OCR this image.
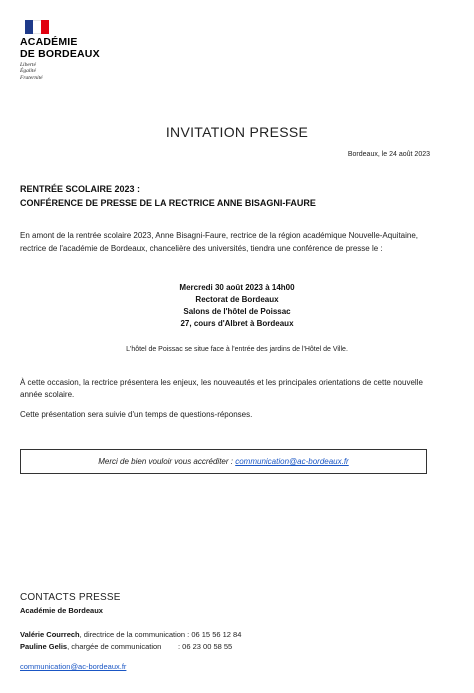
ACADÉMIE
DE BORDEAUX
Liberté
Égalité
Fraternité
INVITATION PRESSE
Bordeaux, le 24 août 2023
RENTRÉE SCOLAIRE 2023 :
CONFÉRENCE DE PRESSE DE LA RECTRICE ANNE BISAGNI-FAURE
En amont de la rentrée scolaire 2023, Anne Bisagni-Faure, rectrice de la région académique Nouvelle-Aquitaine, rectrice de l'académie de Bordeaux, chancelière des universités, tiendra une conférence de presse le :
Mercredi 30 août 2023 à 14h00
Rectorat de Bordeaux
Salons de l'hôtel de Poissac
27, cours d'Albret à Bordeaux
L'hôtel de Poissac se situe face à l'entrée des jardins de l'Hôtel de Ville.
À cette occasion, la rectrice présentera les enjeux, les nouveautés et les principales orientations de cette nouvelle année scolaire.
Cette présentation sera suivie d'un temps de questions-réponses.
Merci de bien vouloir vous accréditer : communication@ac-bordeaux.fr
CONTACTS PRESSE
Académie de Bordeaux
Valérie Courrech, directrice de la communication : 06 15 56 12 84
Pauline Gelis, chargée de communication        : 06 23 00 58 55
communication@ac-bordeaux.fr
